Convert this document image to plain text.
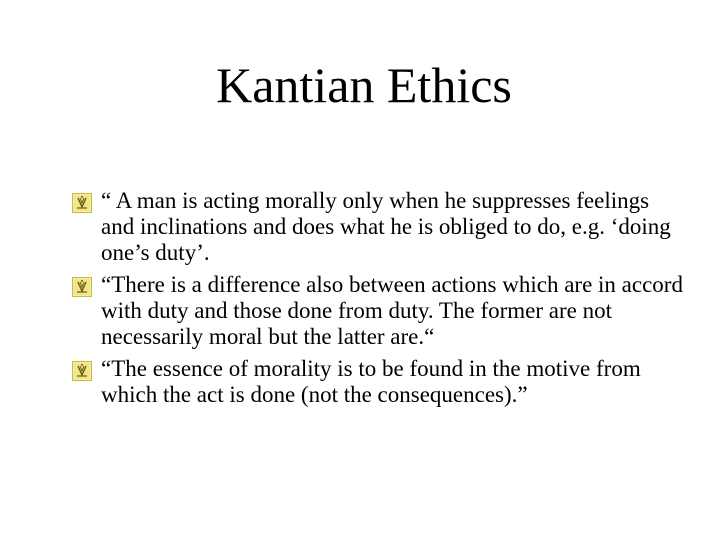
Kantian Ethics
“ A man is acting morally only when he suppresses feelings and inclinations and does what he is obliged to do, e.g. ‘doing one’s duty’.
“There is a difference also between actions which are in accord with duty and those done from duty. The former are not necessarily moral but the latter are.“
“The essence of morality is to be found in the motive from which the act is done (not the consequences).”
